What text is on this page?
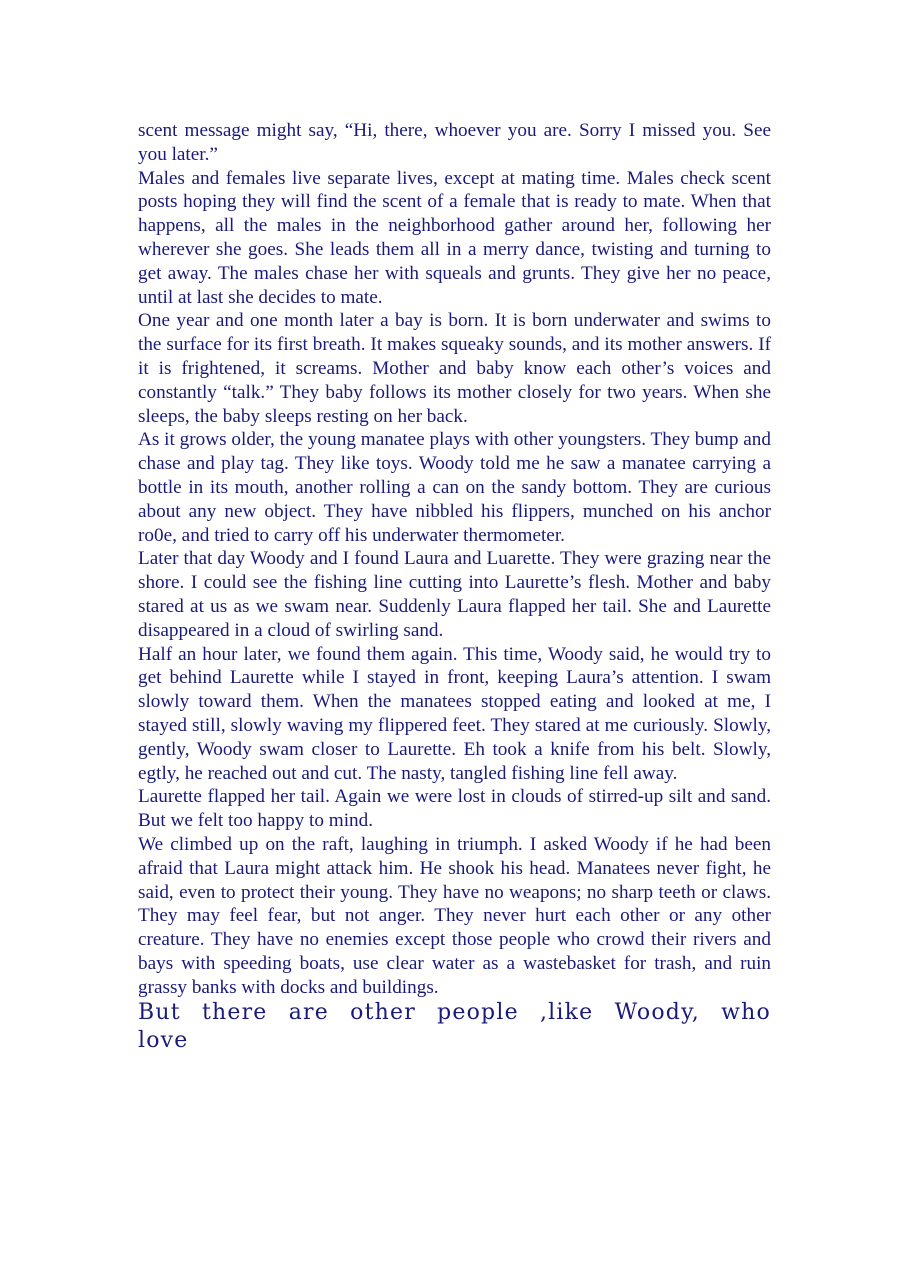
scent message might say, “Hi, there, whoever you are. Sorry I missed you. See you later.”

Males and females live separate lives, except at mating time. Males check scent posts hoping they will find the scent of a female that is ready to mate. When that happens, all the males in the neighborhood gather around her, following her wherever she goes. She leads them all in a merry dance, twisting and turning to get away. The males chase her with squeals and grunts. They give her no peace, until at last she decides to mate.

One year and one month later a bay is born. It is born underwater and swims to the surface for its first breath. It makes squeaky sounds, and its mother answers. If it is frightened, it screams. Mother and baby know each other’s voices and constantly “talk.” They baby follows its mother closely for two years. When she sleeps, the baby sleeps resting on her back.

As it grows older, the young manatee plays with other youngsters. They bump and chase and play tag. They like toys. Woody told me he saw a manatee carrying a bottle in its mouth, another rolling a can on the sandy bottom. They are curious about any new object. They have nibbled his flippers, munched on his anchor ro0e, and tried to carry off his underwater thermometer.

Later that day Woody and I found Laura and Luarette. They were grazing near the shore. I could see the fishing line cutting into Laurette’s flesh. Mother and baby stared at us as we swam near. Suddenly Laura flapped her tail. She and Laurette disappeared in a cloud of swirling sand.

Half an hour later, we found them again. This time, Woody said, he would try to get behind Laurette while I stayed in front, keeping Laura’s attention. I swam slowly toward them. When the manatees stopped eating and looked at me, I stayed still, slowly waving my flippered feet. They stared at me curiously. Slowly, gently, Woody swam closer to Laurette. Eh took a knife from his belt. Slowly, egtly, he reached out and cut. The nasty, tangled fishing line fell away.

Laurette flapped her tail. Again we were lost in clouds of stirred-up silt and sand. But we felt too happy to mind.

We climbed up on the raft, laughing in triumph. I asked Woody if he had been afraid that Laura might attack him. He shook his head. Manatees never fight, he said, even to protect their young. They have no weapons; no sharp teeth or claws. They may feel fear, but not anger. They never hurt each other or any other creature. They have no enemies except those people who crowd their rivers and bays with speeding boats, use clear water as a wastebasket for trash, and ruin grassy banks with docks and buildings.

But there are other people ,like Woody, who love
